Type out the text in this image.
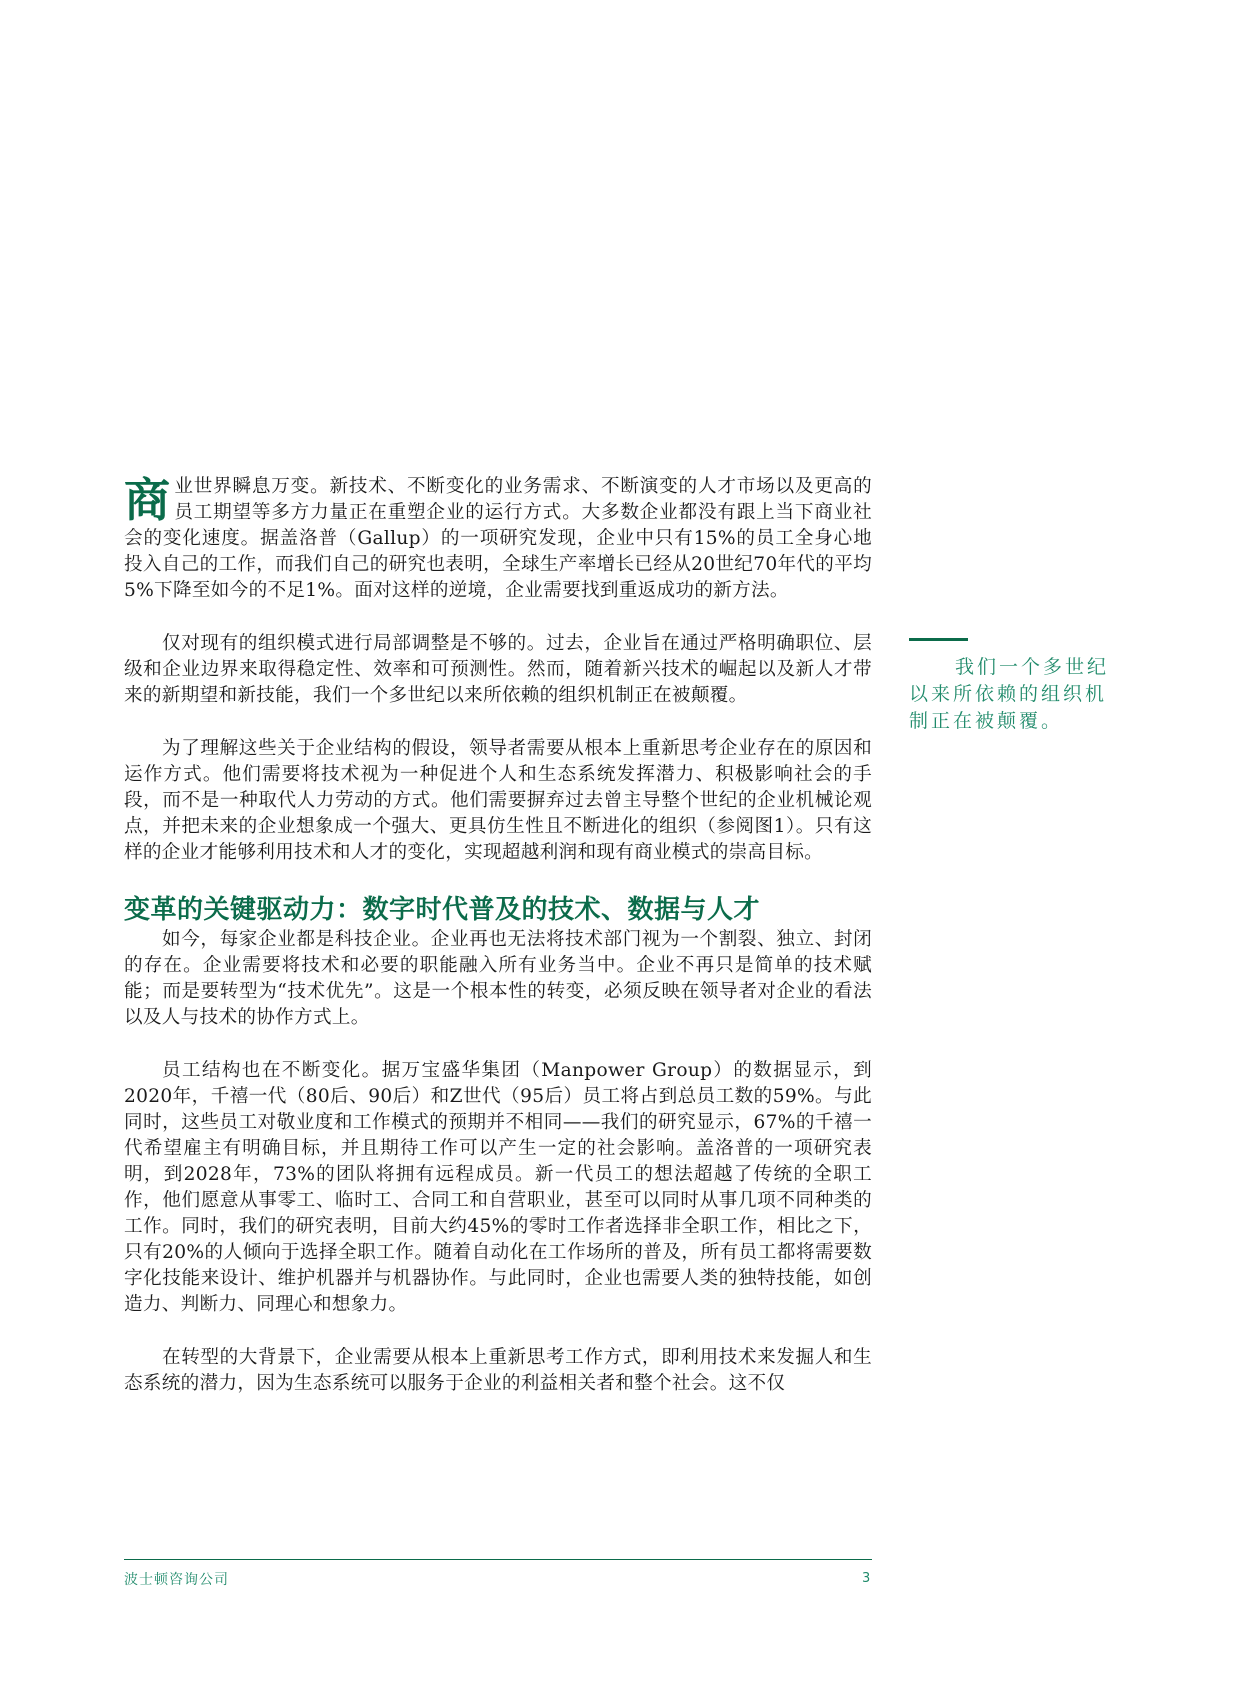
商业世界瞬息万变。新技术、不断变化的业务需求、不断演变的人才市场以及更高的员工期望等多方力量正在重塑企业的运行方式。大多数企业都没有跟上当下商业社会的变化速度。据盖洛普（Gallup）的一项研究发现，企业中只有15%的员工全身心地投入自己的工作，而我们自己的研究也表明，全球生产率增长已经从20世纪70年代的平均5%下降至如今的不足1%。面对这样的逆境，企业需要找到重返成功的新方法。

仅对现有的组织模式进行局部调整是不够的。过去，企业旨在通过严格明确职位、层级和企业边界来取得稳定性、效率和可预测性。然而，随着新兴技术的崛起以及新人才带来的新期望和新技能，我们一个多世纪以来所依赖的组织机制正在被颠覆。

为了理解这些关于企业结构的假设，领导者需要从根本上重新思考企业存在的原因和运作方式。他们需要将技术视为一种促进个人和生态系统发挥潜力、积极影响社会的手段，而不是一种取代人力劳动的方式。他们需要摒弃过去曾主导整个世纪的企业机械论观点，并把未来的企业想象成一个强大、更具仿生性且不断进化的组织（参阅图1）。只有这样的企业才能够利用技术和人才的变化，实现超越利润和现有商业模式的崇高目标。

变革的关键驱动力：数字时代普及的技术、数据与人才

如今，每家企业都是科技企业。企业再也无法将技术部门视为一个割裂、独立、封闭的存在。企业需要将技术和必要的职能融入所有业务当中。企业不再只是简单的技术赋能；而是要转型为“技术优先”。这是一个根本性的转变，必须反映在领导者对企业的看法以及人与技术的协作方式上。

员工结构也在不断变化。据万宝盛华集团（Manpower Group）的数据显示，到2020年，千禧一代（80后、90后）和Z世代（95后）员工将占到总员工数的59%。与此同时，这些员工对敬业度和工作模式的预期并不相同——我们的研究显示，67%的千禧一代希望雇主有明确目标，并且期待工作可以产生一定的社会影响。盖洛普的一项研究表明，到2028年，73%的团队将拥有远程成员。新一代员工的想法超越了传统的全职工作，他们愿意从事零工、临时工、合同工和自营职业，甚至可以同时从事几项不同种类的工作。同时，我们的研究表明，目前大约45%的零时工作者选择非全职工作，相比之下，只有20%的人倾向于选择全职工作。随着自动化在工作场所的普及，所有员工都将需要数字化技能来设计、维护机器并与机器协作。与此同时，企业也需要人类的独特技能，如创造力、判断力、同理心和想象力。

在转型的大背景下，企业需要从根本上重新思考工作方式，即利用技术来发掘人和生态系统的潜力，因为生态系统可以服务于企业的利益相关者和整个社会。这不仅

我们一个多世纪以来所依赖的组织机制正在被颠覆。
波士顿咨询公司	3
